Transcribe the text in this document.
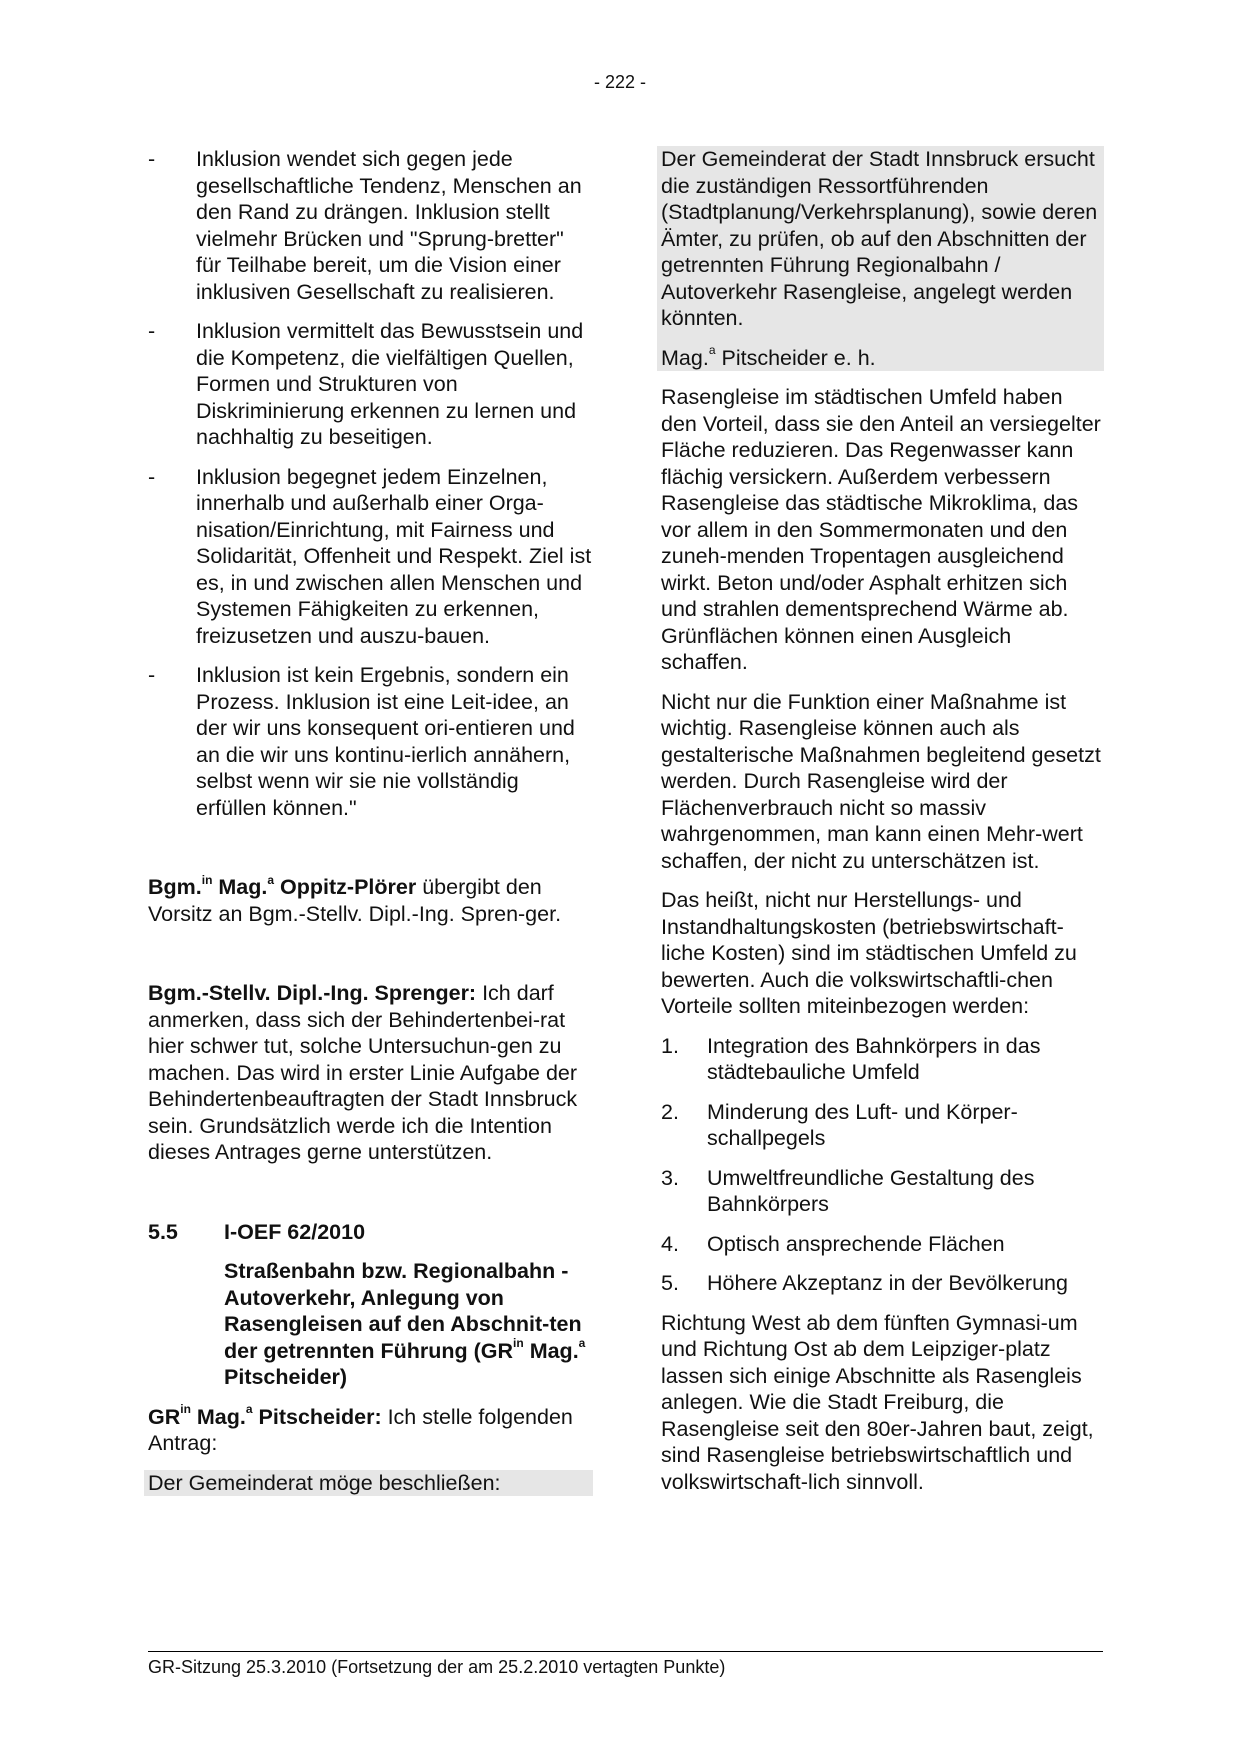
- 222 -
-	Inklusion wendet sich gegen jede gesellschaftliche Tendenz, Menschen an den Rand zu drängen. Inklusion stellt vielmehr Brücken und "Sprung-bretter" für Teilhabe bereit, um die Vision einer inklusiven Gesellschaft zu realisieren.
-	Inklusion vermittelt das Bewusstsein und die Kompetenz, die vielfältigen Quellen, Formen und Strukturen von Diskriminierung erkennen zu lernen und nachhaltig zu beseitigen.
-	Inklusion begegnet jedem Einzelnen, innerhalb und außerhalb einer Orga-nisation/Einrichtung, mit Fairness und Solidarität, Offenheit und Respekt. Ziel ist es, in und zwischen allen Menschen und Systemen Fähigkeiten zu erkennen, freizusetzen und auszu-bauen.
-	Inklusion ist kein Ergebnis, sondern ein Prozess. Inklusion ist eine Leit-idee, an der wir uns konsequent ori-entieren und an die wir uns kontinu-ierlich annähern, selbst wenn wir sie nie vollständig erfüllen können."

Bgm.$^{in}$ Mag.$^a$ Oppitz-Plörer übergibt den Vorsitz an Bgm.-Stellv. Dipl.-Ing. Spren-ger.

Bgm.-Stellv. Dipl.-Ing. Sprenger: Ich darf anmerken, dass sich der Behindertenbei-rat hier schwer tut, solche Untersuchun-gen zu machen. Das wird in erster Linie Aufgabe der Behindertenbeauftragten der Stadt Innsbruck sein. Grundsätzlich werde ich die Intention dieses Antrages gerne unterstützen.

5.5	I-OEF 62/2010

Straßenbahn bzw. Regionalbahn - Autoverkehr, Anlegung von Rasengleisen auf den Abschnit-ten der getrennten Führung ($GR^{in}$ Mag.$^a$ Pitscheider)

$GR^{in}$ Mag.$^a$ Pitscheider: Ich stelle folgenden Antrag:

Der Gemeinderat möge beschließen:

Der Gemeinderat der Stadt Innsbruck ersucht die zuständigen Ressortführenden (Stadtplanung/Verkehrsplanung), sowie deren Ämter, zu prüfen, ob auf den Abschnitten der getrennten Führung Regionalbahn / Autoverkehr Rasengleise, angelegt werden könnten.

Mag.$^a$ Pitscheider e. h.

Rasengleise im städtischen Umfeld haben den Vorteil, dass sie den Anteil an versiegelter Fläche reduzieren. Das Regenwasser kann flächig versickern. Außerdem verbessern Rasengleise das städtische Mikroklima, das vor allem in den Sommermonaten und den zuneh-menden Tropentagen ausgleichend wirkt. Beton und/oder Asphalt erhitzen sich und strahlen dementsprechend Wärme ab. Grünflächen können einen Ausgleich schaffen.

Nicht nur die Funktion einer Maßnahme ist wichtig. Rasengleise können auch als gestalterische Maßnahmen begleitend gesetzt werden. Durch Rasengleise wird der Flächenverbrauch nicht so massiv wahrgenommen, man kann einen Mehr-wert schaffen, der nicht zu unterschätzen ist.

Das heißt, nicht nur Herstellungs- und Instandhaltungskosten (betriebswirtschaft-liche Kosten) sind im städtischen Umfeld zu bewerten. Auch die volkswirtschaftli-chen Vorteile sollten miteinbezogen werden:

1.	Integration des Bahnkörpers in das städtebauliche Umfeld
2.	Minderung des Luft- und Körper-schallpegels
3.	Umweltfreundliche Gestaltung des Bahnkörpers
4.	Optisch ansprechende Flächen
5.	Höhere Akzeptanz in der Bevölkerung

Richtung West ab dem fünften Gymnasi-um und Richtung Ost ab dem Leipziger-platz lassen sich einige Abschnitte als Rasengleis anlegen. Wie die Stadt Freiburg, die Rasengleise seit den 80er-Jahren baut, zeigt, sind Rasengleise betriebswirtschaftlich und volkswirtschaft-lich sinnvoll.

GR-Sitzung 25.3.2010 (Fortsetzung der am 25.2.2010 vertagten Punkte)
